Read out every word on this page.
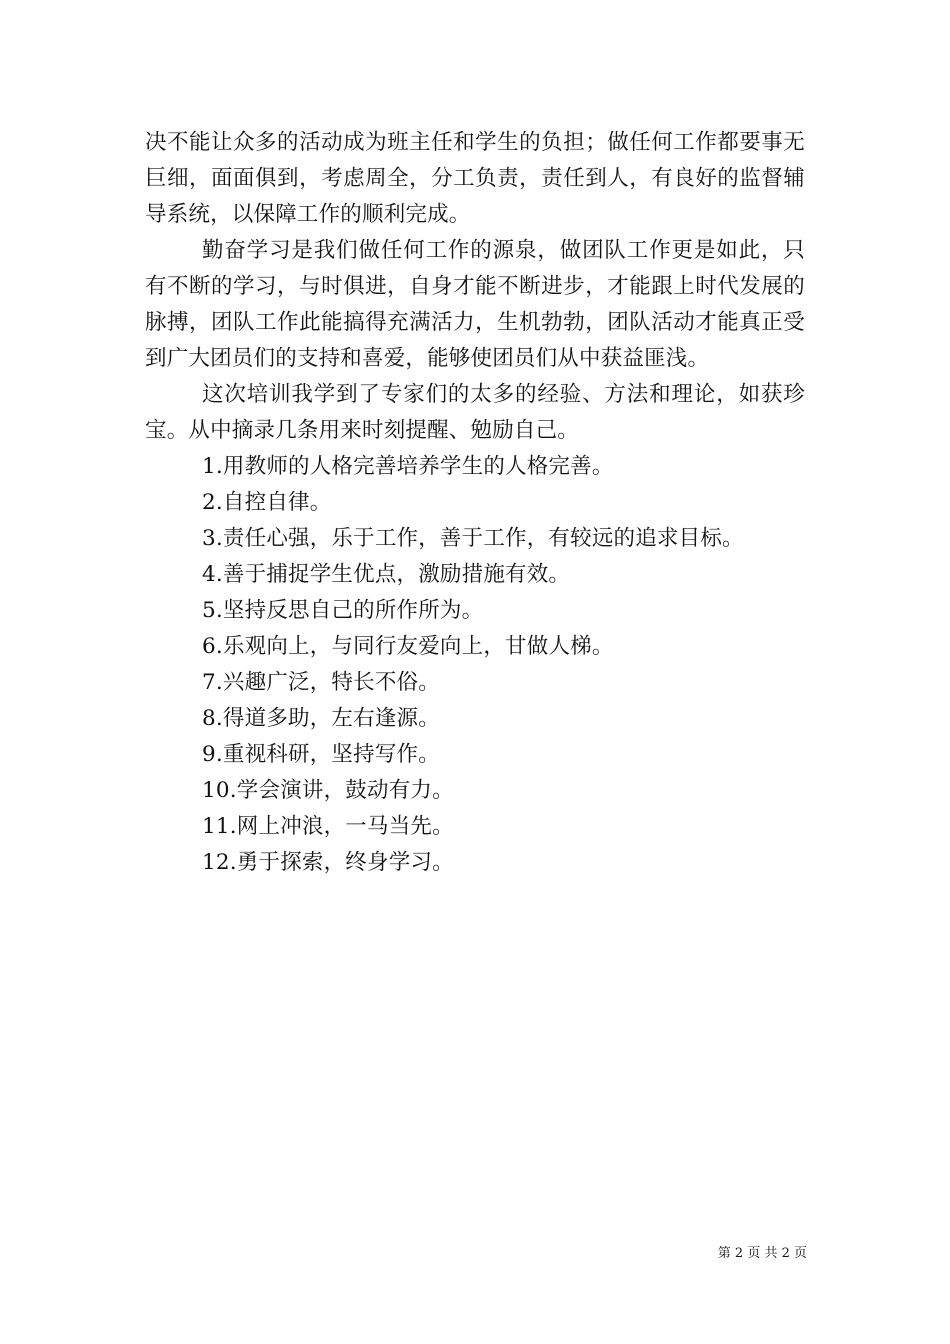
决不能让众多的活动成为班主任和学生的负担；做任何工作都要事无巨细，面面俱到，考虑周全，分工负责，责任到人，有良好的监督辅导系统，以保障工作的顺利完成。

勤奋学习是我们做任何工作的源泉，做团队工作更是如此，只有不断的学习，与时俱进，自身才能不断进步，才能跟上时代发展的脉搏，团队工作此能搞得充满活力，生机勃勃，团队活动才能真正受到广大团员们的支持和喜爱，能够使团员们从中获益匪浅。

这次培训我学到了专家们的太多的经验、方法和理论，如获珍宝。从中摘录几条用来时刻提醒、勉励自己。

1.用教师的人格完善培养学生的人格完善。
2.自控自律。
3.责任心强，乐于工作，善于工作，有较远的追求目标。
4.善于捕捉学生优点，激励措施有效。
5.坚持反思自己的所作所为。
6.乐观向上，与同行友爱向上，甘做人梯。
7.兴趣广泛，特长不俗。
8.得道多助，左右逢源。
9.重视科研，坚持写作。
10.学会演讲，鼓动有力。
11.网上冲浪，一马当先。
12.勇于探索，终身学习。
第 2 页 共 2 页
